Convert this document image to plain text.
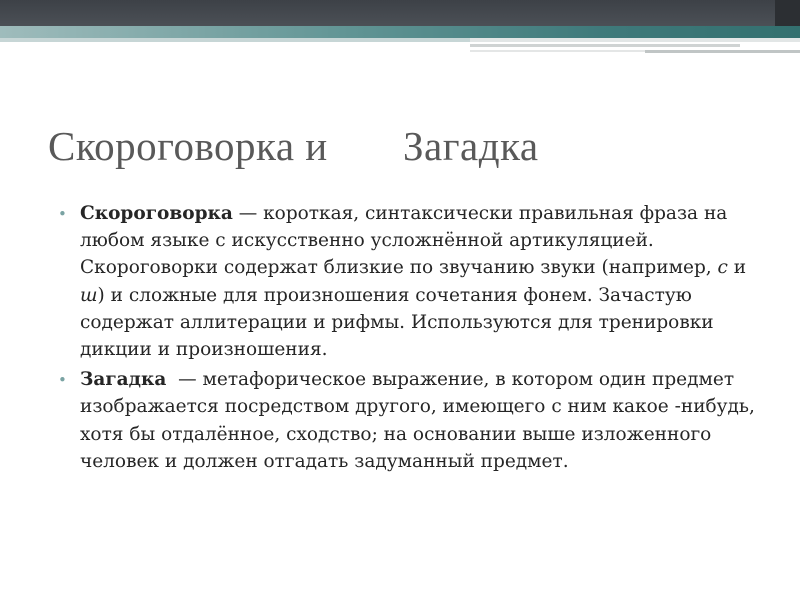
Скороговорка и       Загадка
• Скороговорка — короткая, синтаксически правильная фраза на любом языке с искусственно усложнённой артикуляцией. Скороговорки содержат близкие по звучанию звуки (например, с и ш) и сложные для произношения сочетания фонем. Зачастую содержат аллитерации и рифмы. Используются для тренировки дикции и произношения.
• Загадка  — метафорическое выражение, в котором один предмет изображается посредством другого, имеющего с ним какое -нибудь, хотя бы отдалённое, сходство; на основании выше изложенного человек и должен отгадать задуманный предмет.
